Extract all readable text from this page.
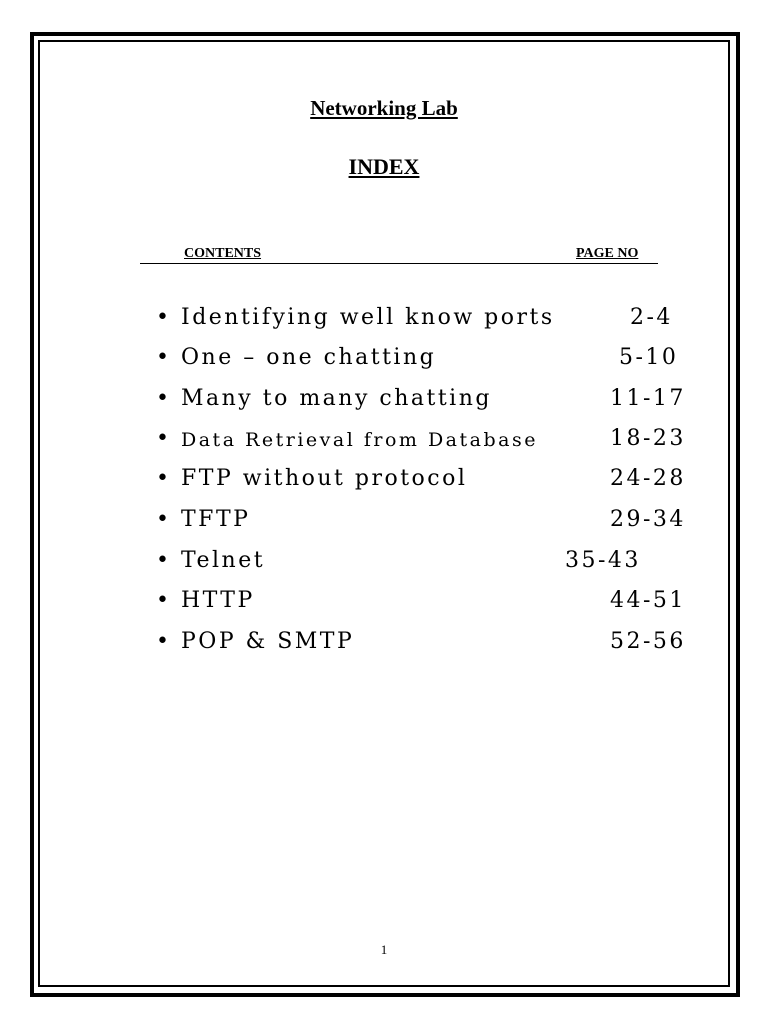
Networking Lab
INDEX
CONTENTS	PAGE NO
• Identifying well know ports	2-4
• One – one chatting	5-10
• Many to many chatting	11-17
• Data Retrieval from Database	18-23
• FTP without protocol	24-28
• TFTP	29-34
• Telnet	35-43
• HTTP	44-51
• POP & SMTP	52-56
1
